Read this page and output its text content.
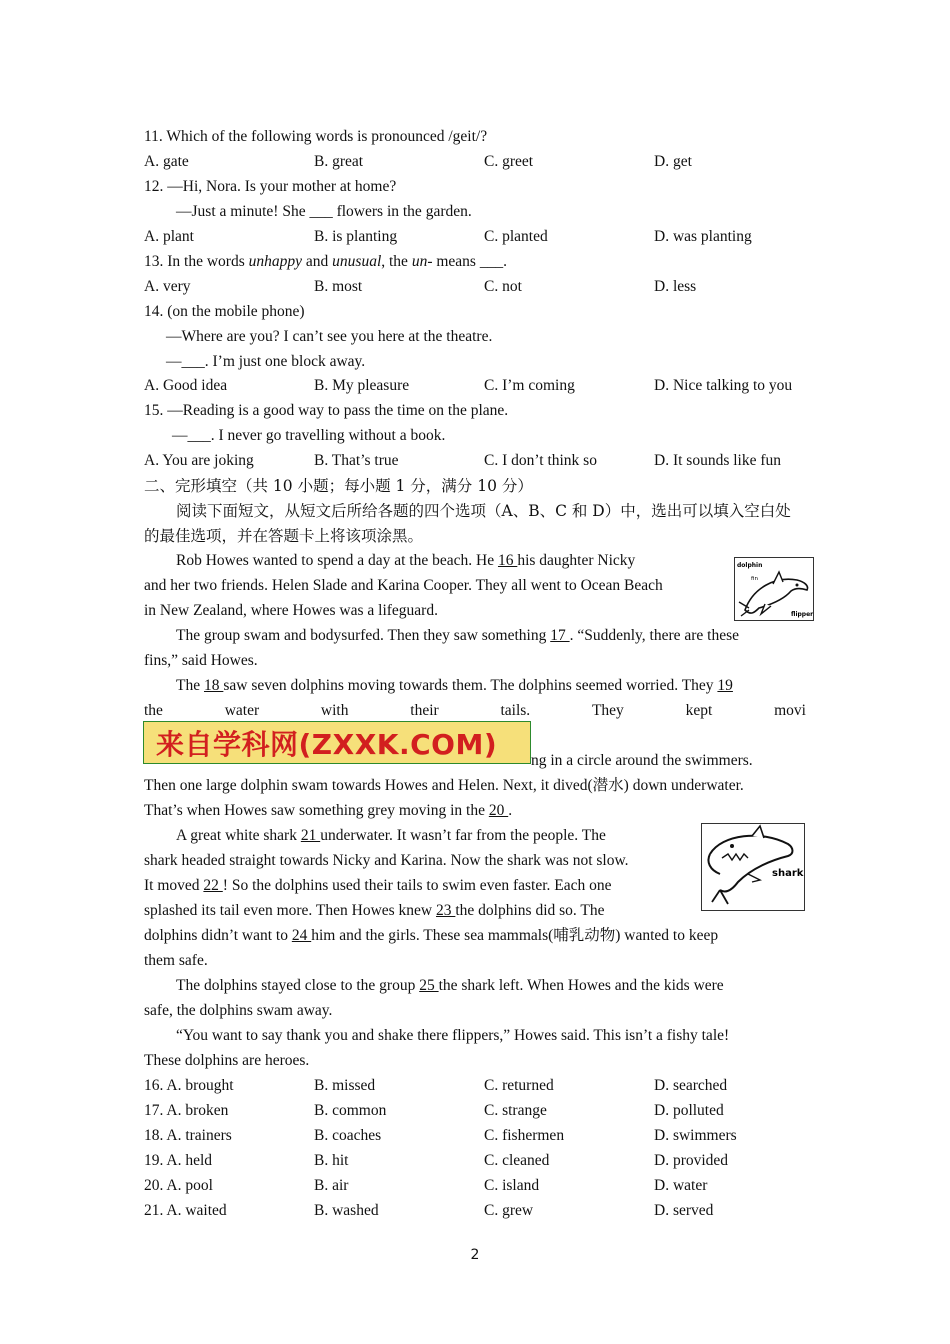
11. Which of the following words is pronounced /geit/?
A. gate	B. great	C. greet	D. get
12. —Hi, Nora. Is your mother at home?
—Just a minute! She ___ flowers in the garden.
A. plant	B. is planting	C. planted	D. was planting
13. In the words unhappy and unusual, the un- means ___.
A. very	B. most	C. not	D. less
14. (on the mobile phone)
—Where are you? I can’t see you here at the theatre.
—___. I’m just one block away.
A. Good idea	B. My pleasure	C. I’m coming	D. Nice talking to you
15. —Reading is a good way to pass the time on the plane.
—___. I never go travelling without a book.
A. You are joking	B. That’s true	C. I don’t think so	D. It sounds like fun
二、完形填空（共 10 小题；每小题 1 分，满分 10 分）
阅读下面短文，从短文后所给各题的四个选项（A、B、C 和 D）中，选出可以填入空白处
的最佳选项，并在答题卡上将该项涂黑。
Rob Howes wanted to spend a day at the beach. He 16 his daughter Nicky
and her two friends. Helen Slade and Karina Cooper. They all went to Ocean Beach
in New Zealand, where Howes was a lifeguard.
dolphin
fin
flipper
The group swam and bodysurfed. Then they saw something 17 . “Suddenly, there are these
fins,” said Howes.
The 18 saw seven dolphins moving towards them. The dolphins seemed worried. They 19
the	water	with	their	tails.	They	kept	movi
来自学科网(ZXXK.COM)	ng in a circle around the swimmers.
Then one large dolphin swam towards Howes and Helen. Next, it dived(潜水) down underwater.
That’s when Howes saw something grey moving in the 20 .
A great white shark 21 underwater. It wasn’t far from the people. The
shark headed straight towards Nicky and Karina. Now the shark was not slow.
It moved 22 ! So the dolphins used their tails to swim even faster. Each one
splashed its tail even more. Then Howes knew 23 the dolphins did so. The
shark
dolphins didn’t want to 24 him and the girls. These sea mammals(哺乳动物) wanted to keep
them safe.
The dolphins stayed close to the group 25 the shark left. When Howes and the kids were
safe, the dolphins swam away.
“You want to say thank you and shake there flippers,” Howes said. This isn’t a fishy tale!
These dolphins are heroes.
16. A. brought	B. missed	C. returned	D. searched
17. A. broken	B. common	C. strange	D. polluted
18. A. trainers	B. coaches	C. fishermen	D. swimmers
19. A. held	B. hit	C. cleaned	D. provided
20. A. pool	B. air	C. island	D. water
21. A. waited	B. washed	C. grew	D. served
2
